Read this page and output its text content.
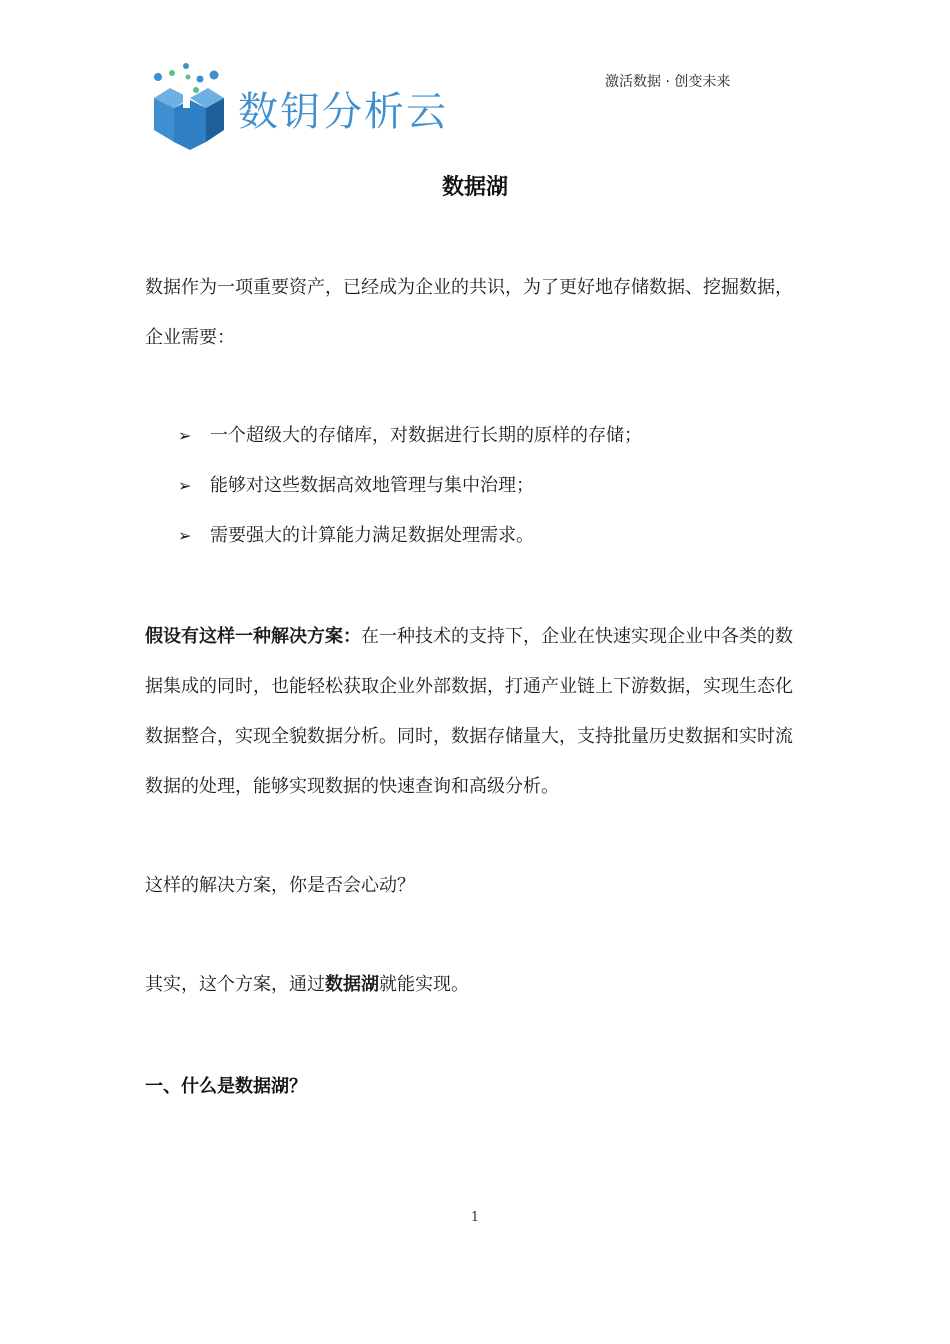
数钥分析云
激活数据 · 创变未来
数据湖
数据作为一项重要资产，已经成为企业的共识，为了更好地存储数据、挖掘数据，企业需要：
➢ 一个超级大的存储库，对数据进行长期的原样的存储；
➢ 能够对这些数据高效地管理与集中治理；
➢ 需要强大的计算能力满足数据处理需求。
假设有这样一种解决方案：在一种技术的支持下，企业在快速实现企业中各类的数据集成的同时，也能轻松获取企业外部数据，打通产业链上下游数据，实现生态化数据整合，实现全貌数据分析。同时，数据存储量大，支持批量历史数据和实时流数据的处理，能够实现数据的快速查询和高级分析。
这样的解决方案，你是否会心动？
其实，这个方案，通过数据湖就能实现。
一、什么是数据湖？
1
